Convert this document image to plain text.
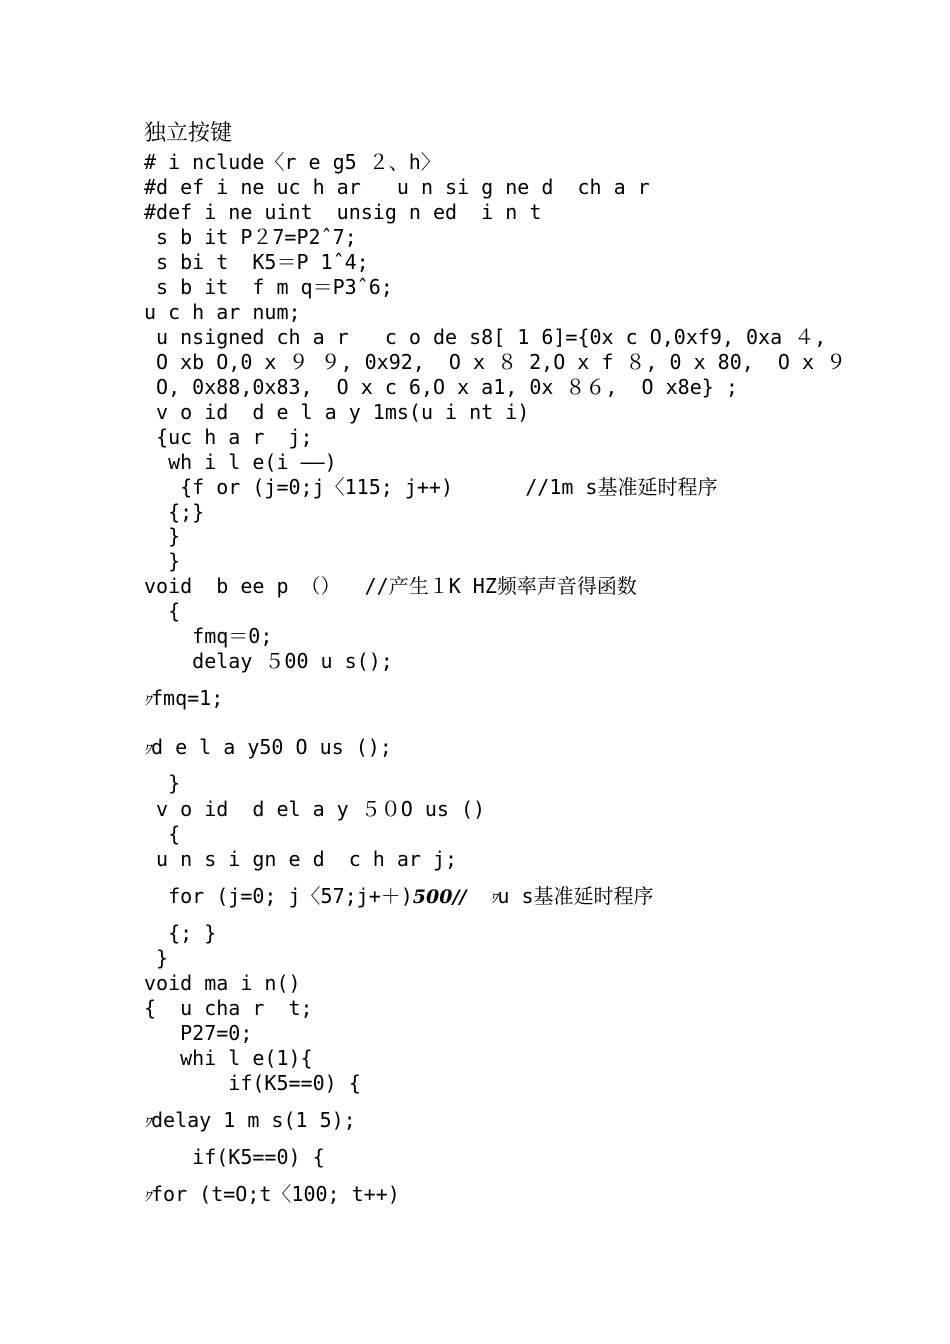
独立按键
# i nclude〈r e g5 ２、h〉
#d ef i ne uc h ar   u n si g ne d  ch a r
#def i ne uint  unsig n ed  i n t
s b it P２7=P2ˆ7;
s bi t  K5＝P 1ˆ4;
s b it  f m q＝P3ˆ6;
u c h ar num;
u nsigned ch a r   c o de s8[ 1 6]={0x c O,0xf9, 0xa ４,
O xb O,0 x ９ ９, 0x92,  O x ８ 2,O x f ８, 0 x 80,  O x ９
O, 0x88,0x83,  O x c 6,O x a1, 0x ８６,  O x8e} ;
v o id  d e l a y 1ms(u i nt i)
{uc h a r  j;
wh i l e(i ——)
{f or (j=0;j〈115; j++)      //1m s基准延时程序
{;}
}
}
void  b ee p （）  //产生１K HZ频率声音得函数
{
fmq＝0;
delay ５00 u s();
ﾜfmq=1;
ﾜd e l a y50 O us ();
}
v o id  d el a y ５０O us ()
{
u n s i gn e d  c h ar j;
for (j=0; j〈57;j+＋)500// ﾜu s基准延时程序
{; }
}
void ma i n()
{  u cha r  t;
P27=0;
whi l e(1){
if(K5==0) {
ﾜdelay 1 m s(1 5);
if(K5==0) {
ﾜfor (t=O;t〈100; t++)
